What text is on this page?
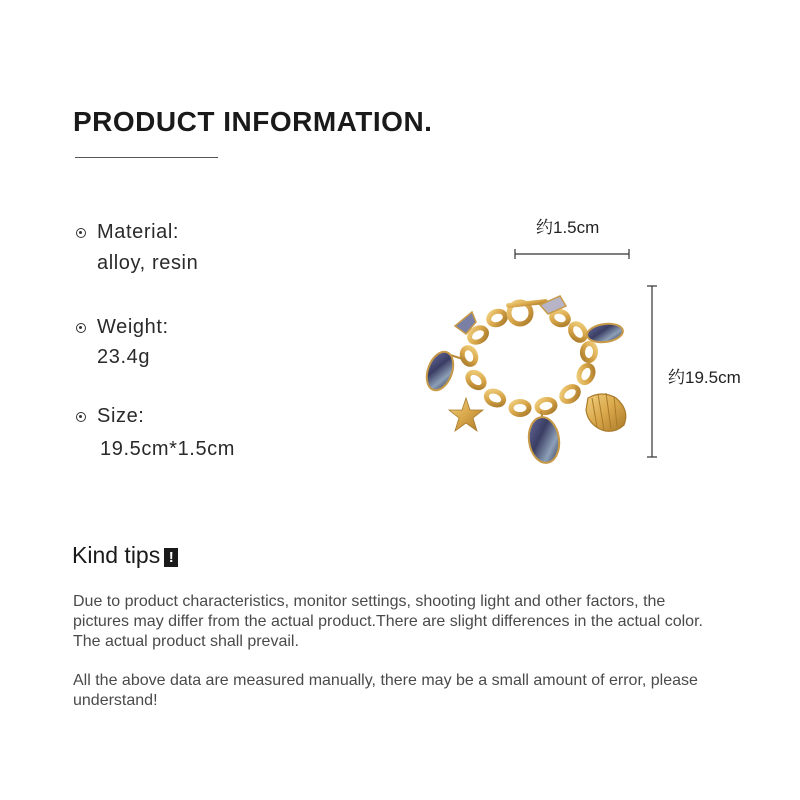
PRODUCT INFORMATION.
Material:
alloy, resin
Weight:
23.4g
Size:
19.5cm*1.5cm
约1.5cm
约19.5cm
Kind tips !
Due to product characteristics, monitor settings, shooting light and other factors, the pictures may differ from the actual product.There are slight differences in the actual color. The actual product shall prevail.
All the above data are measured manually, there may be a small amount of error, please understand!
